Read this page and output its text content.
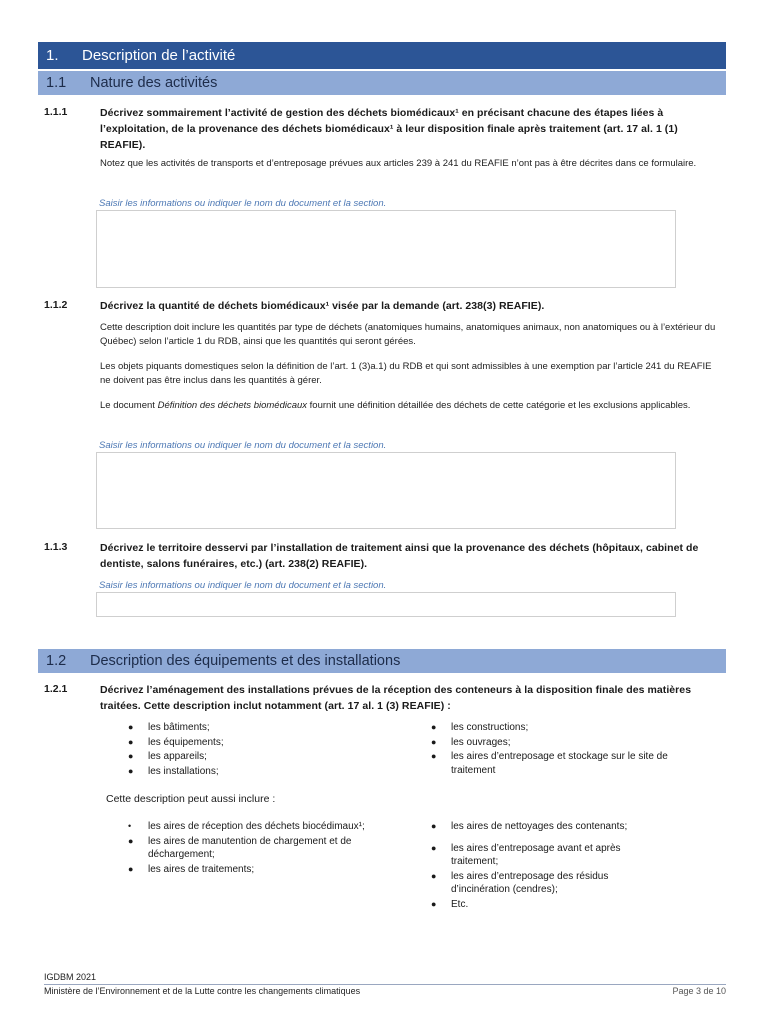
1.	Description de l’activité
1.1	Nature des activités
1.1.1	Décrivez sommairement l’activité de gestion des déchets biomédicaux¹ en précisant chacune des étapes liées à l’exploitation, de la provenance des déchets biomédicaux¹ à leur disposition finale après traitement (art. 17 al. 1 (1) REAFIE).
Notez que les activités de transports et d’entreposage prévues aux articles 239 à 241 du REAFIE n’ont pas à être décrites dans ce formulaire.
Saisir les informations ou indiquer le nom du document et la section.
1.1.2	Décrivez la quantité de déchets biomédicaux¹ visée par la demande (art. 238(3) REAFIE).
Cette description doit inclure les quantités par type de déchets (anatomiques humains, anatomiques animaux, non anatomiques ou à l’extérieur du Québec) selon l’article 1 du RDB, ainsi que les quantités qui seront gérées.
Les objets piquants domestiques selon la définition de l’art. 1 (3)a.1) du RDB et qui sont admissibles à une exemption par l’article 241 du REAFIE ne doivent pas être inclus dans les quantités à gérer.
Le document Définition des déchets biomédicaux fournit une définition détaillée des déchets de cette catégorie et les exclusions applicables.
Saisir les informations ou indiquer le nom du document et la section.
1.1.3	Décrivez le territoire desservi par l’installation de traitement ainsi que la provenance des déchets (hôpitaux, cabinet de dentiste, salons funéraires, etc.) (art. 238(2) REAFIE).
Saisir les informations ou indiquer le nom du document et la section.
1.2	Description des équipements et des installations
1.2.1	Décrivez l’aménagement des installations prévues de la réception des conteneurs à la disposition finale des matières traitées. Cette description inclut notamment (art. 17 al. 1 (3) REAFIE) :
●	les bâtiments;
●	les équipements;
●	les appareils;
●	les installations;
●	les constructions;
●	les ouvrages;
●	les aires d’entreposage et stockage sur le site de traitement
Cette description peut aussi inclure :
•	les aires de réception des déchets biocédimaux¹;
●	les aires de manutention de chargement et de déchargement;
●	les aires de traitements;
●	les aires de nettoyages des contenants;
●	les aires d’entreposage avant et après traitement;
●	les aires d’entreposage des résidus d’incinération (cendres);
●	Etc.
IGDBM 2021
Ministère de l’Environnement et de la Lutte contre les changements climatiques	Page 3 de 10
